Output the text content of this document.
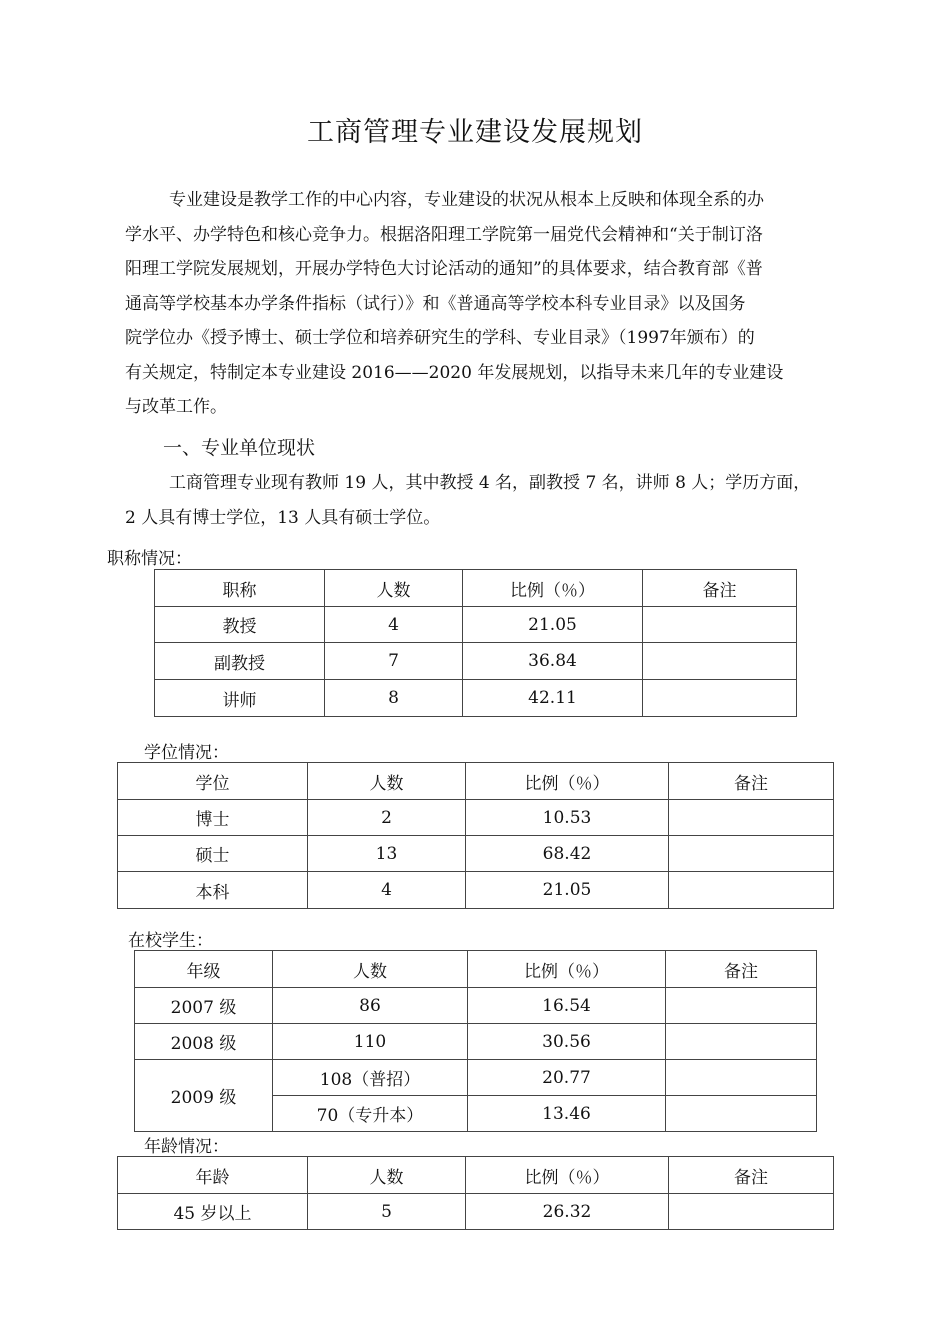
工商管理专业建设发展规划
专业建设是教学工作的中心内容，专业建设的状况从根本上反映和体现全系的办
学水平、办学特色和核心竞争力。根据洛阳理工学院第一届党代会精神和“关于制订洛
阳理工学院发展规划，开展办学特色大讨论活动的通知”的具体要求，结合教育部《普
通高等学校基本办学条件指标（试行）》和《普通高等学校本科专业目录》以及国务
院学位办《授予博士、硕士学位和培养研究生的学科、专业目录》（1997年颁布）的
有关规定，特制定本专业建设 2016——2020 年发展规划，以指导未来几年的专业建设
与改革工作。
一、专业单位现状
工商管理专业现有教师 19 人，其中教授 4 名，副教授 7 名，讲师 8 人；学历方面，
2 人具有博士学位，13 人具有硕士学位。
职称情况：
职称	人数	比例（％）	备注
教授	4	21.05	
副教授	7	36.84	
讲师	8	42.11	
学位情况：
学位	人数	比例（％）	备注
博士	2	10.53	
硕士	13	68.42	
本科	4	21.05	
在校学生：
年级	人数	比例（％）	备注
2007 级	86	16.54	
2008 级	110	30.56	
2009 级	108（普招）	20.77	
	70（专升本）	13.46	
年龄情况：
年龄	人数	比例（％）	备注
45 岁以上	5	26.32	
